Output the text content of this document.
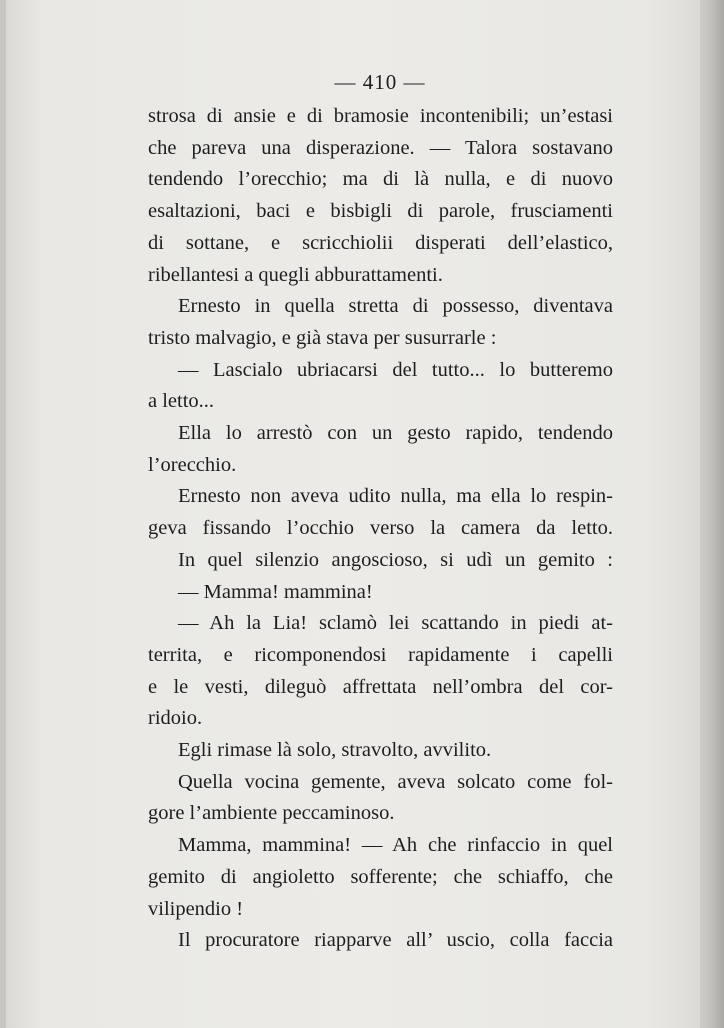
— 410 —
strosa di ansie e di bramosie incontenibili; un’estasi
che pareva una disperazione. — Talora sostavano
tendendo l’orecchio; ma di là nulla, e di nuovo
esaltazioni, baci e bisbigli di parole, frusciamenti
di sottane, e scricchiolii disperati dell’elastico,
ribellantesi a quegli abburattamenti.
Ernesto in quella stretta di possesso, diventava
tristo malvagio, e già stava per susurrarle :
— Lascialo ubriacarsi del tutto... lo butteremo
a letto...
Ella lo arrestò con un gesto rapido, tendendo
l’orecchio.
Ernesto non aveva udito nulla, ma ella lo respin-
geva fissando l’occhio verso la camera da letto.
In quel silenzio angoscioso, si udì un gemito :
— Mamma! mammina!
— Ah la Lia! sclamò lei scattando in piedi at-
territa, e ricomponendosi rapidamente i capelli
e le vesti, dileguò affrettata nell’ombra del cor-
ridoio.
Egli rimase là solo, stravolto, avvilito.
Quella vocina gemente, aveva solcato come fol-
gore l’ambiente peccaminoso.
Mamma, mammina! — Ah che rinfaccio in quel
gemito di angioletto sofferente; che schiaffo, che
vilipendio !
Il procuratore riapparve all’ uscio, colla faccia
